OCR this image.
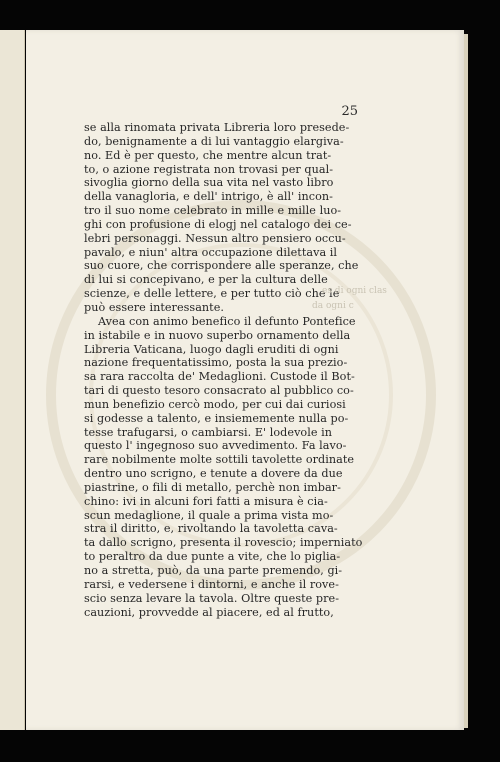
25
se alla rinomata privata Libreria loro presede-
do, benignamente a di lui vantaggio elargiva-
no. Ed è per questo, che mentre alcun trat-
to, o azione registrata non trovasi per qual-
sivoglia giorno della sua vita nel vasto libro
della vanagloria, e dell' intrigo, è all' incon-
tro il suo nome celebrato in mille e mille luo-
ghi con profusione di elogj nel catalogo dei ce-
lebri personaggi. Nessun altro pensiero occu-
pavalo, e niun' altra occupazione dilettava il
suo cuore, che corrispondere alle speranze, che
di lui si concepivano, e per la cultura delle
scienze, e delle lettere, e per tutto ciò che le
può essere interessante.
Avea con animo benefico il defunto Pontefice
in istabile e in nuovo superbo ornamento della
Libreria Vaticana, luogo dagli eruditi di ogni
nazione frequentatissimo, posta la sua prezio-
sa rara raccolta de' Medaglioni. Custode il Bot-
tari di questo tesoro consacrato al pubblico co-
mun benefizio cercò modo, per cui dai curiosi
si godesse a talento, e insiememente nulla po-
tesse trafugarsi, o cambiarsi. E' lodevole in
questo l' ingegnoso suo avvedimento. Fa lavo-
rare nobilmente molte sottili tavolette ordinate
dentro uno scrigno, e tenute a dovere da due
piastrine, o fili di metallo, perchè non imbar-
chino: ivi in alcuni fori fatti a misura è cia-
scun medaglione, il quale a prima vista mo-
stra il diritto, e, rivoltando la tavoletta cava-
ta dallo scrigno, presenta il rovescio; imperniato
to peraltro da due punte a vite, che lo piglia-
no a stretta, può, da una parte premendo, gi-
rarsi, e vedersene i dintorni, e anche il rove-
scio senza levare la tavola. Oltre queste pre-
cauzioni, provvedde al piacere, ed al frutto,
es di ogni clas
da ogni c
